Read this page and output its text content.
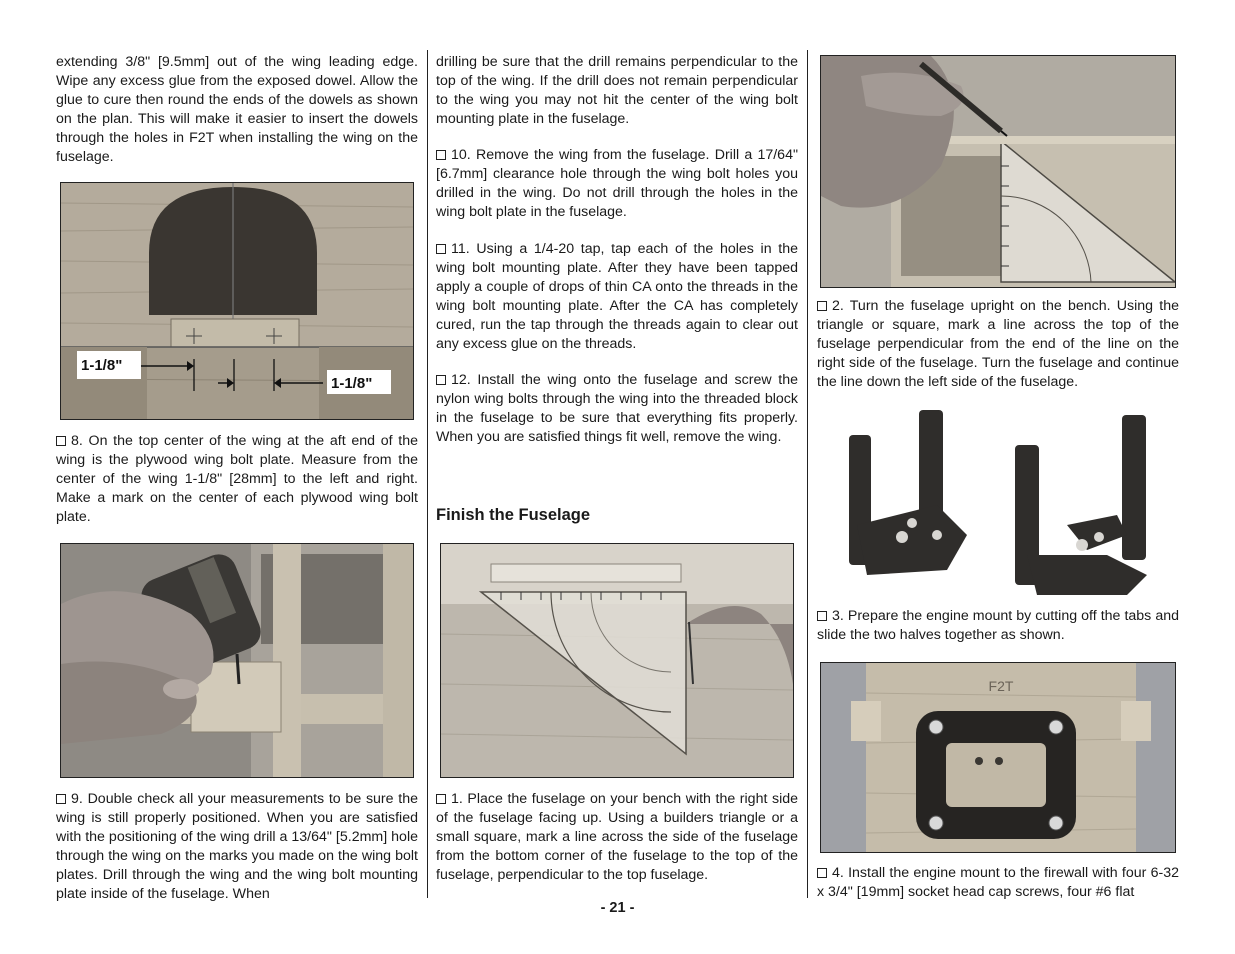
extending 3/8" [9.5mm] out of the wing leading edge. Wipe any excess glue from the exposed dowel. Allow the glue to cure then round the ends of the dowels as shown on the plan. This will make it easier to insert the dowels through the holes in F2T when installing the wing on the fuselage.

1-1/8"
1-1/8"

8. On the top center of the wing at the aft end of the wing is the plywood wing bolt plate. Measure from the center of the wing 1-1/8" [28mm] to the left and right. Make a mark on the center of each plywood wing bolt plate.

9. Double check all your measurements to be sure the wing is still properly positioned. When you are satisfied with the positioning of the wing drill a 13/64" [5.2mm] hole through the wing on the marks you made on the wing bolt plates. Drill through the wing and the wing bolt mounting plate inside of the fuselage. When

drilling be sure that the drill remains perpendicular to the top of the wing. If the drill does not remain perpendicular to the wing you may not hit the center of the wing bolt mounting plate in the fuselage.

10. Remove the wing from the fuselage. Drill a 17/64" [6.7mm] clearance hole through the wing bolt holes you drilled in the wing. Do not drill through the holes in the wing bolt plate in the fuselage.

11. Using a 1/4-20 tap, tap each of the holes in the wing bolt mounting plate. After they have been tapped apply a couple of drops of thin CA onto the threads in the wing bolt mounting plate. After the CA has completely cured, run the tap through the threads again to clear out any excess glue on the threads.

12. Install the wing onto the fuselage and screw the nylon wing bolts through the wing into the threaded block in the fuselage to be sure that everything fits properly. When you are satisfied things fit well, remove the wing.

Finish the Fuselage

1. Place the fuselage on your bench with the right side of the fuselage facing up. Using a builders triangle or a small square, mark a line across the side of the fuselage from the bottom corner of the fuselage to the top of the fuselage, perpendicular to the top fuselage.

2. Turn the fuselage upright on the bench. Using the triangle or square, mark a line across the top of the fuselage perpendicular from the end of the line on the right side of the fuselage. Turn the fuselage and continue the line down the left side of the fuselage.

3. Prepare the engine mount by cutting off the tabs and slide the two halves together as shown.

F2T

4. Install the engine mount to the firewall with four 6-32 x 3/4" [19mm] socket head cap screws, four #6 flat

- 21 -
